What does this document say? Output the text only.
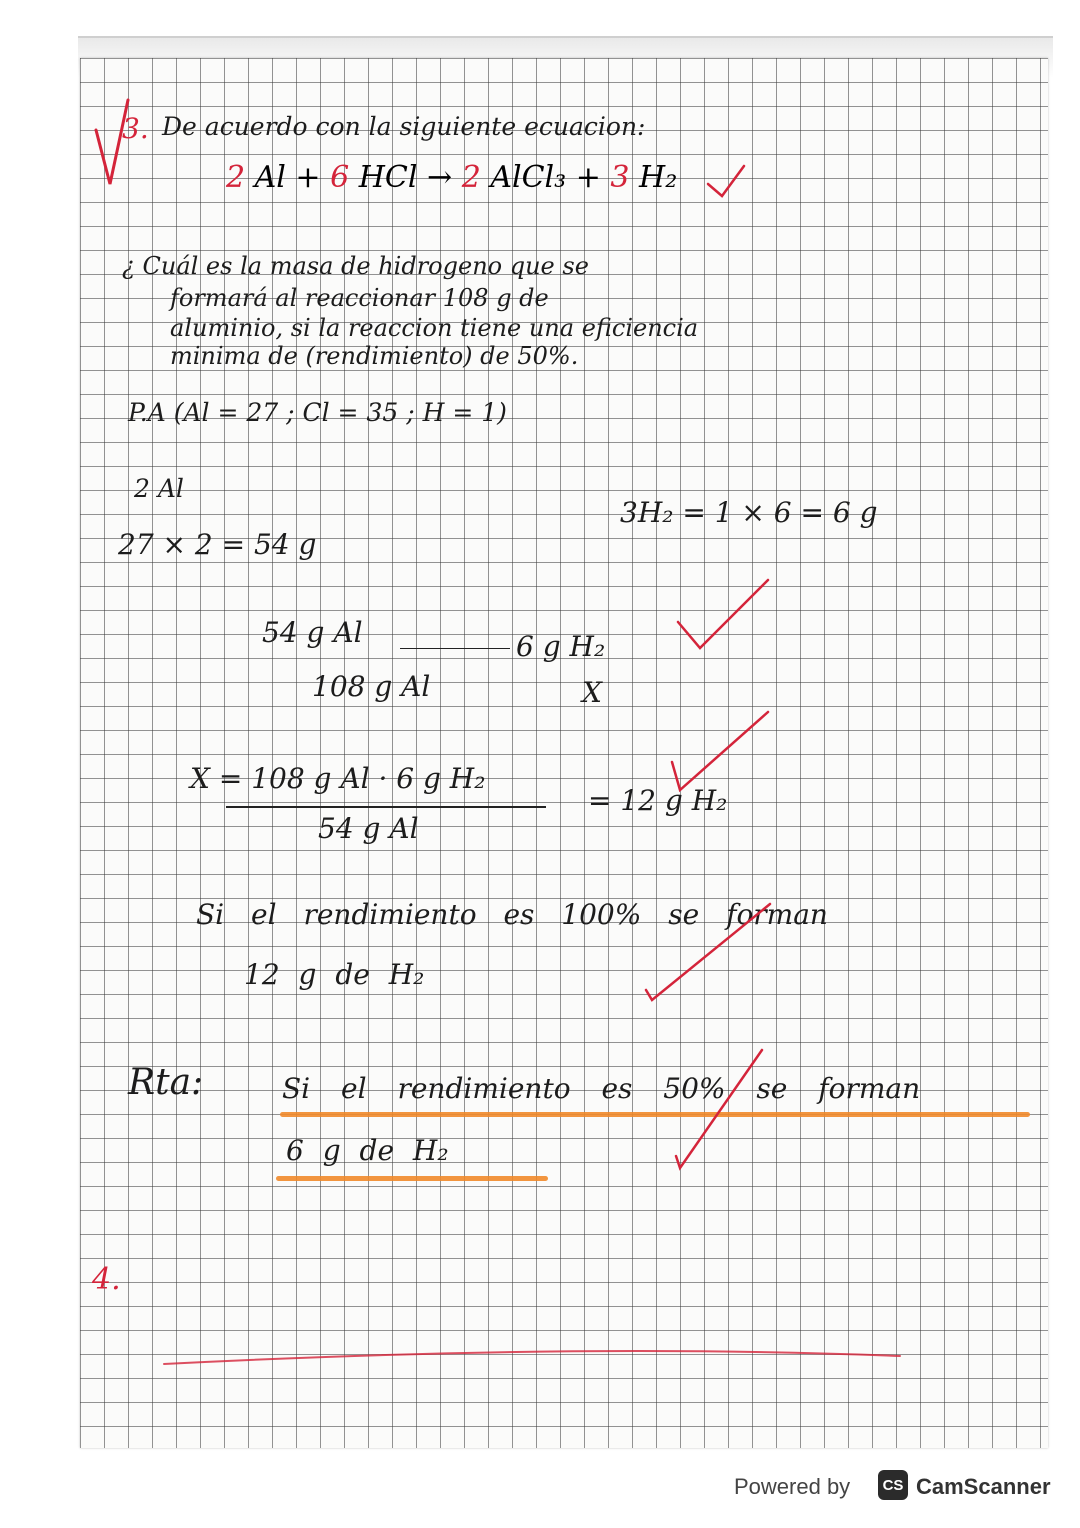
3. De acuerdo con la siguiente ecuacion:
2 Al + 6 HCl → 2 AlCl₃ + 3 H₂
¿ Cuál es la masa de hidrogeno que se
formará al reaccionar 108 g de
aluminio, si la reaccion tiene una eficiencia
minima de (rendimiento) de 50%.
P.A (Al = 27 ; Cl = 35 ; H = 1)
2 Al
27 × 2 = 54 g
3H₂ = 1 × 6 = 6 g
54 g Al	6 g H₂
108 g Al	X
X = 108 g Al · 6 g H₂
54 g Al
= 12 g H₂
Si el rendimiento es 100% se forman
12 g de H₂
Rta:	Si el rendimiento es 50% se forman
6 g de H₂
4.
Powered by	CS CamScanner
